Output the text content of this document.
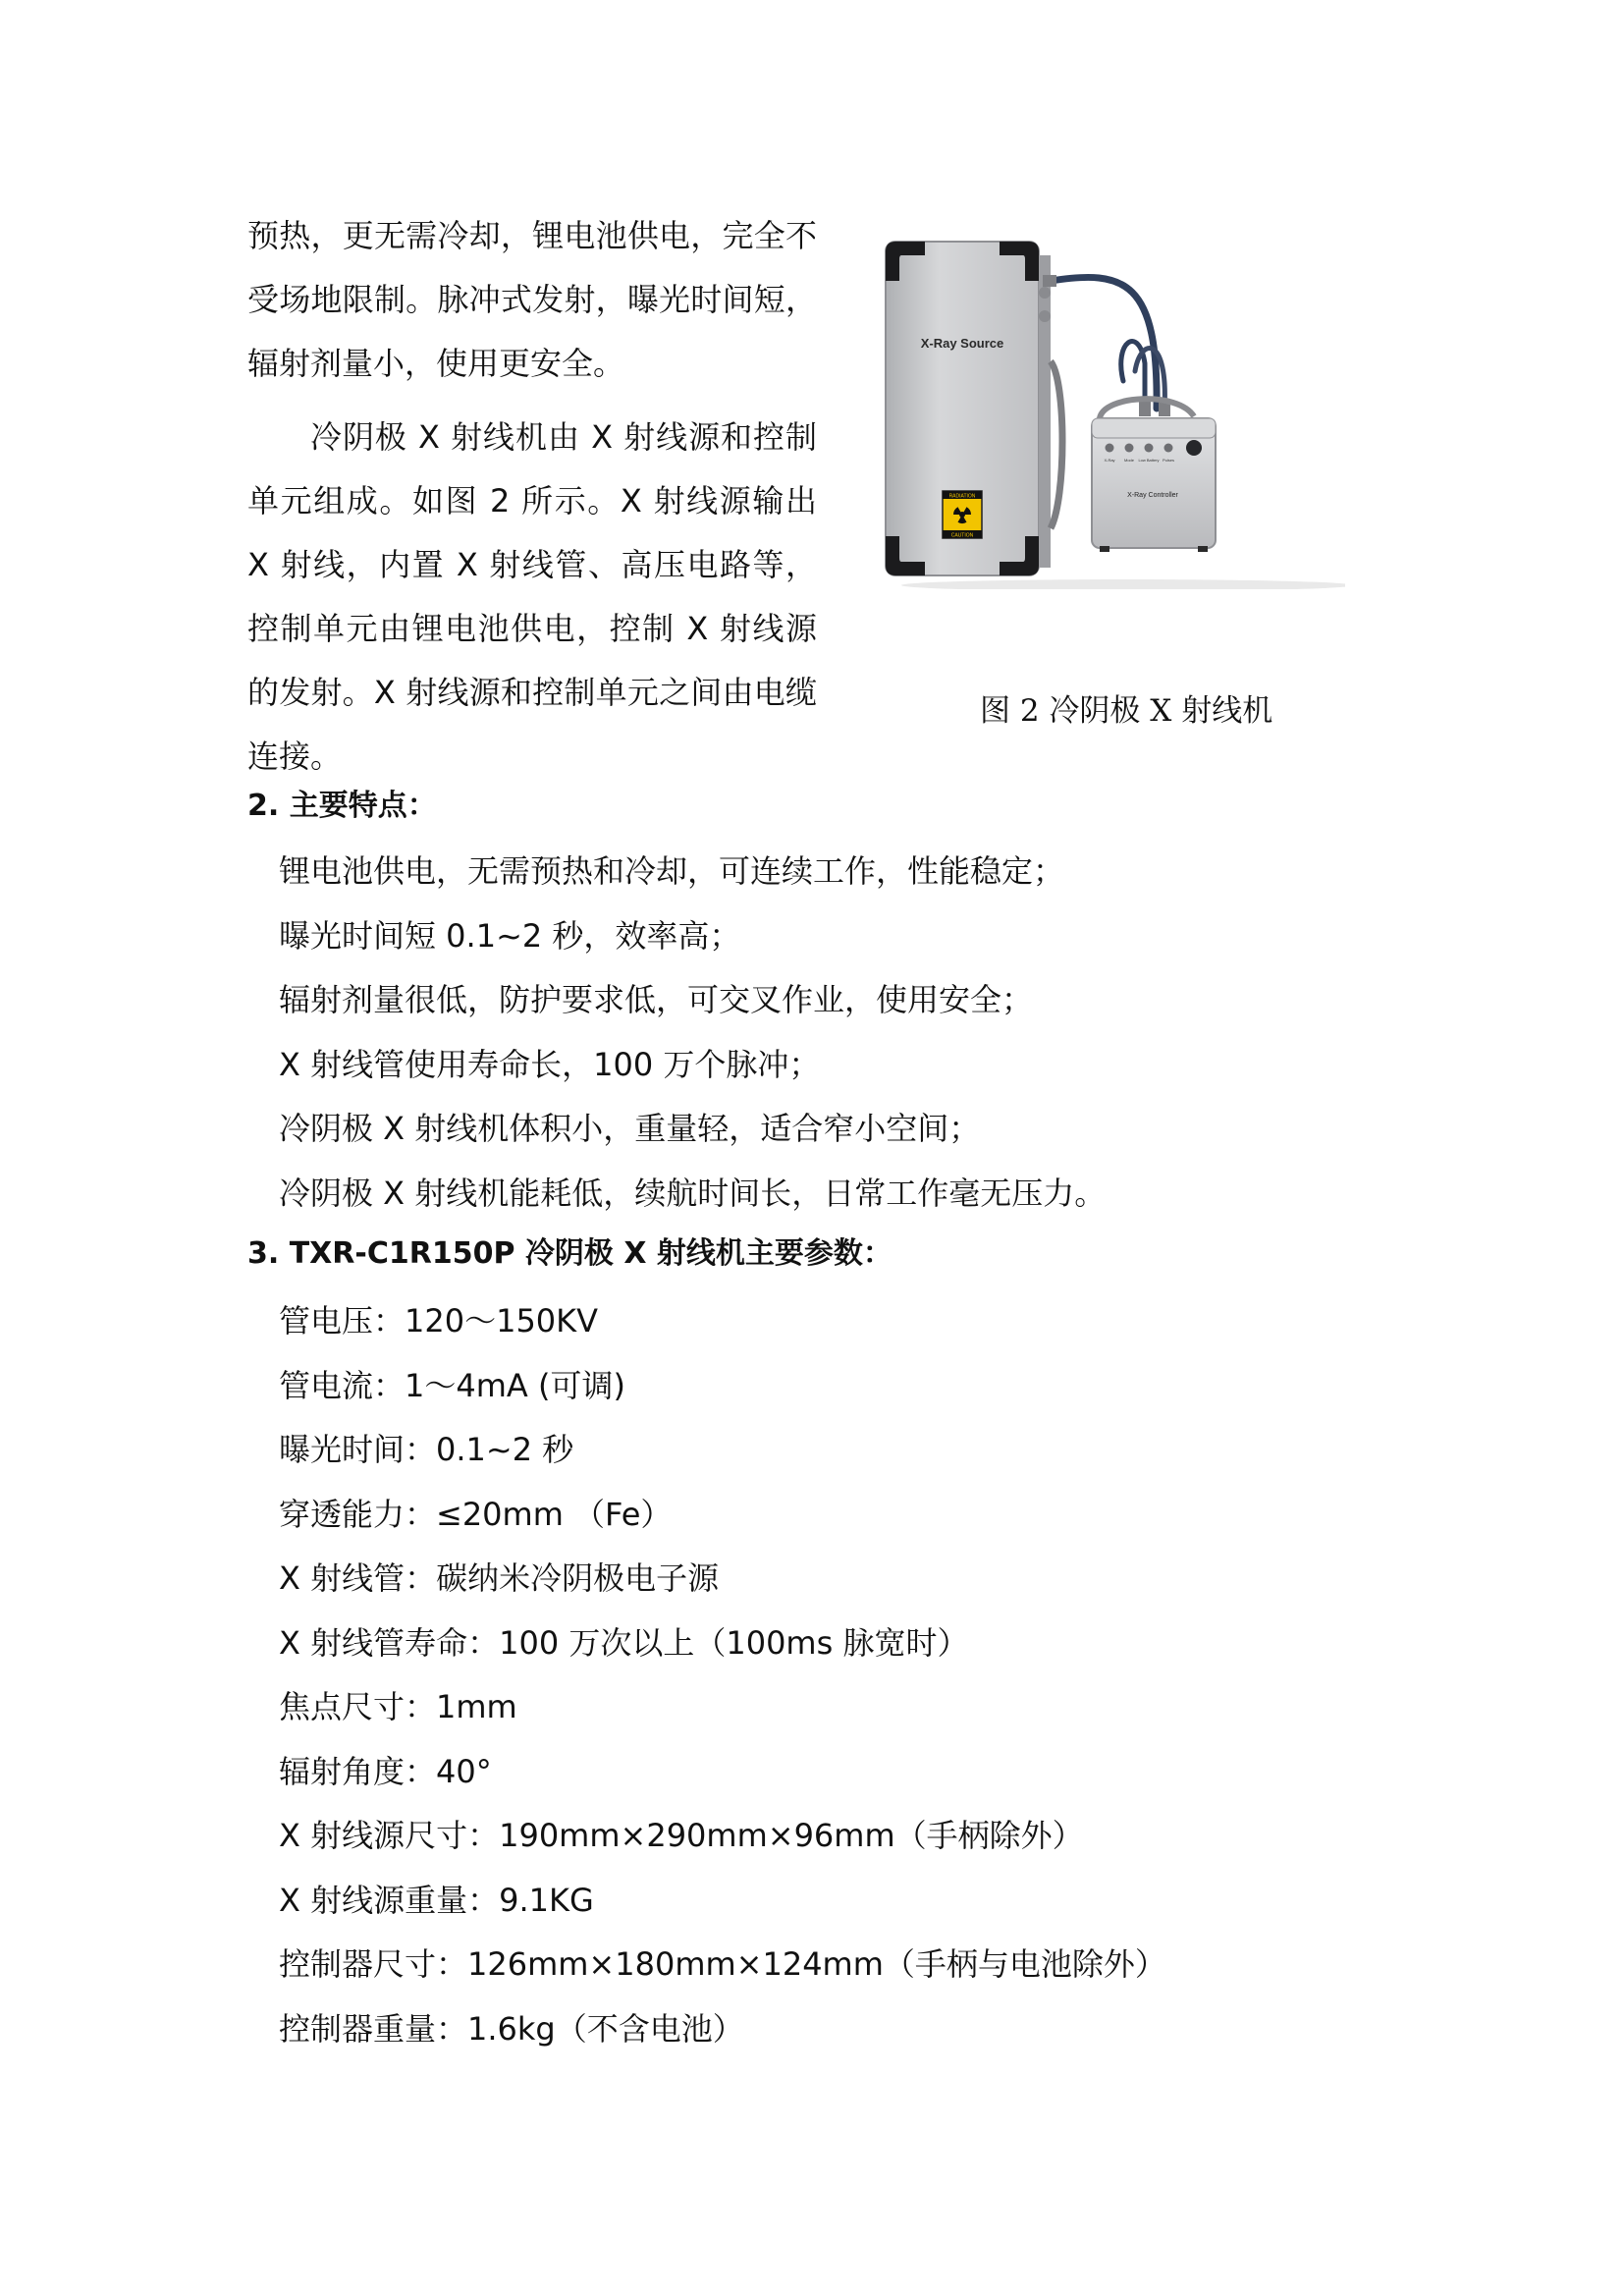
预热，更无需冷却，锂电池供电，完全不受场地限制。脉冲式发射，曝光时间短，辐射剂量小，使用更安全。

冷阴极 X 射线机由 X 射线源和控制单元组成。如图 2 所示。X 射线源输出 X 射线，内置 X 射线管、高压电路等，控制单元由锂电池供电，控制 X 射线源的发射。X 射线源和控制单元之间由电缆连接。

X-Ray Source
RADIATION
CAUTION
X-Ray Mode Low Battery Pulses
X-Ray Controller
图 2 冷阴极 X 射线机
2. 主要特点：
锂电池供电，无需预热和冷却，可连续工作，性能稳定；
曝光时间短 0.1~2 秒，效率高；
辐射剂量很低，防护要求低，可交叉作业，使用安全；
X 射线管使用寿命长，100 万个脉冲；
冷阴极 X 射线机体积小，重量轻，适合窄小空间；
冷阴极 X 射线机能耗低，续航时间长，日常工作毫无压力。
3. TXR-C1R150P 冷阴极 X 射线机主要参数：
管电压：120～150KV
管电流：1～4mA (可调)
曝光时间：0.1~2 秒
穿透能力：≤20mm （Fe）
X 射线管：碳纳米冷阴极电子源
X 射线管寿命：100 万次以上（100ms 脉宽时）
焦点尺寸：1mm
辐射角度：40°
X 射线源尺寸：190mm×290mm×96mm（手柄除外）
X 射线源重量：9.1KG
控制器尺寸：126mm×180mm×124mm（手柄与电池除外）
控制器重量：1.6kg（不含电池）
